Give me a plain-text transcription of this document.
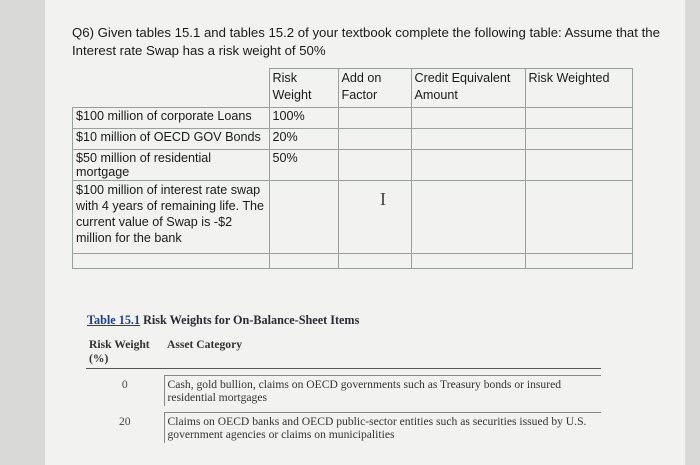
Q6) Given tables 15.1 and tables 15.2 of your textbook complete the following table: Assume that the Interest rate Swap has a risk weight of 50%
	Risk Weight	Add on Factor	Credit Equivalent Amount	Risk Weighted
$100 million of corporate Loans	100%			
$10 million of OECD GOV Bonds	20%			
$50 million of residential mortgage	50%			

$100 million of interest rate swap with 4 years of remaining life. The current value of Swap is -$2 million for the bank				

I
Table 15.1 Risk Weights for On-Balance-Sheet Items
Risk Weight (%)	Asset Category

0	Cash, gold bullion, claims on OECD governments such as Treasury bonds or insured residential mortgages

20	Claims on OECD banks and OECD public-sector entities such as securities issued by U.S. government agencies or claims on municipalities
